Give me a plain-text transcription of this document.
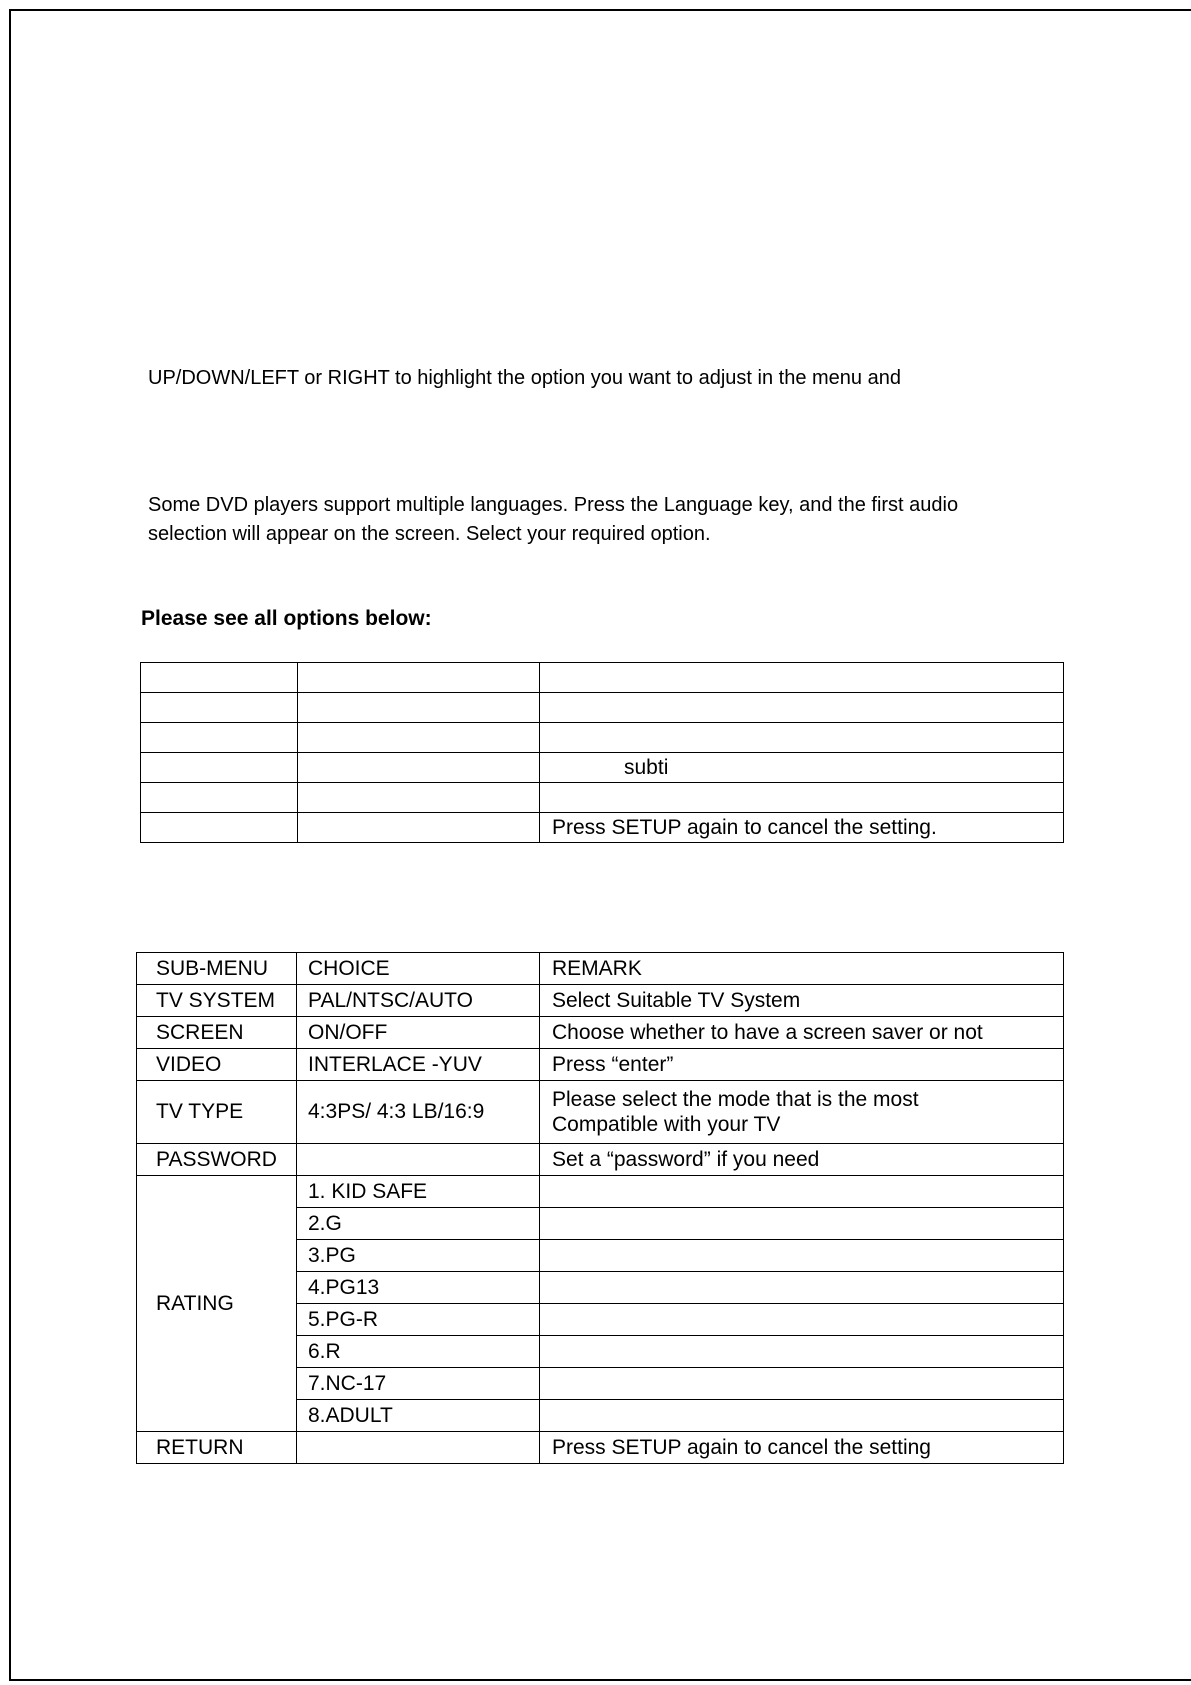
UP/DOWN/LEFT or RIGHT to highlight the option you want to adjust in the menu and

Some DVD players support multiple languages. Press the Language key, and the first audio

selection will appear on the screen. Select your required option.

Please see all options below:

		subti

		Press SETUP again to cancel the setting.
SUB-MENU	CHOICE	REMARK
TV SYSTEM	PAL/NTSC/AUTO	Select Suitable TV System
SCREEN	ON/OFF	Choose whether to have a screen saver or not
VIDEO	INTERLACE -YUV	Press “enter”
TV TYPE	4:3PS/ 4:3 LB/16:9	Please select the mode that is the most
Compatible with your TV

PASSWORD		Set a “password” if you need
RATING	1. KID SAFE	
	2.G	
	3.PG	
	4.PG13	
	5.PG-R	
	6.R	
	7.NC-17	
	8.ADULT	
RETURN		Press SETUP again to cancel the setting
